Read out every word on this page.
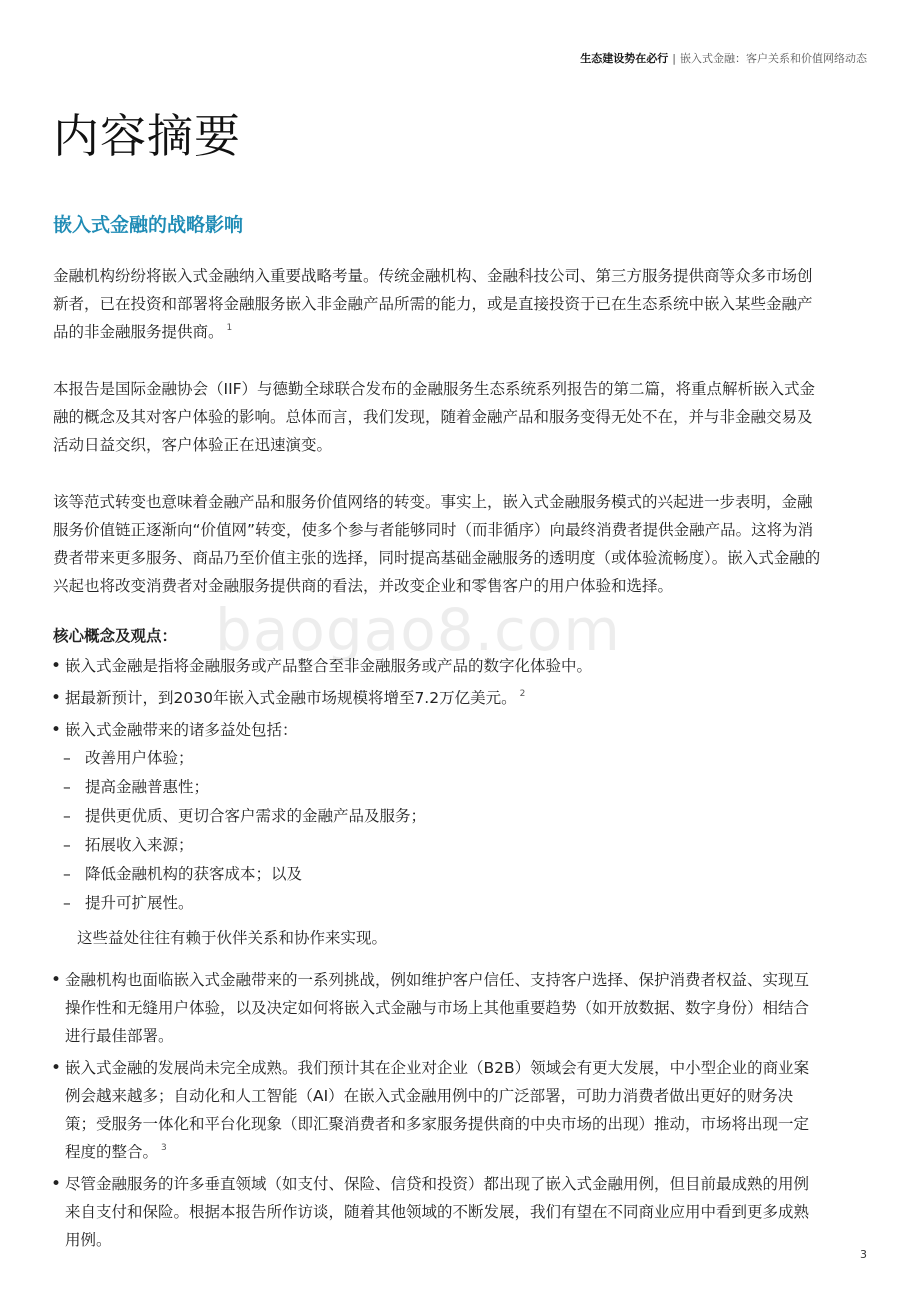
生态建设势在必行 | 嵌入式金融：客户关系和价值网络动态
内容摘要
嵌入式金融的战略影响

金融机构纷纷将嵌入式金融纳入重要战略考量。传统金融机构、金融科技公司、第三方服务提供商等众多市场创新者，已在投资和部署将金融服务嵌入非金融产品所需的能力，或是直接投资于已在生态系统中嵌入某些金融产品的非金融服务提供商。 $^1$

本报告是国际金融协会（IIF）与德勤全球联合发布的金融服务生态系统系列报告的第二篇，将重点解析嵌入式金融的概念及其对客户体验的影响。总体而言，我们发现，随着金融产品和服务变得无处不在，并与非金融交易及活动日益交织，客户体验正在迅速演变。

该等范式转变也意味着金融产品和服务价值网络的转变。事实上，嵌入式金融服务模式的兴起进一步表明，金融服务价值链正逐渐向“价值网”转变，使多个参与者能够同时（而非循序）向最终消费者提供金融产品。这将为消费者带来更多服务、商品乃至价值主张的选择，同时提高基础金融服务的透明度（或体验流畅度）。嵌入式金融的兴起也将改变消费者对金融服务提供商的看法，并改变企业和零售客户的用户体验和选择。

核心概念及观点：
• 嵌入式金融是指将金融服务或产品整合至非金融服务或产品的数字化体验中。
• 据最新预计，到2030年嵌入式金融市场规模将增至7.2万亿美元。 $^2$
• 嵌入式金融带来的诸多益处包括：
– 改善用户体验；
– 提高金融普惠性；
– 提供更优质、更切合客户需求的金融产品及服务；
– 拓展收入来源；
– 降低金融机构的获客成本；以及
– 提升可扩展性。
这些益处往往有赖于伙伴关系和协作来实现。
• 金融机构也面临嵌入式金融带来的一系列挑战，例如维护客户信任、支持客户选择、保护消费者权益、实现互操作性和无缝用户体验，以及决定如何将嵌入式金融与市场上其他重要趋势（如开放数据、数字身份）相结合进行最佳部署。
• 嵌入式金融的发展尚未完全成熟。我们预计其在企业对企业（B2B）领域会有更大发展，中小型企业的商业案例会越来越多；自动化和人工智能（AI）在嵌入式金融用例中的广泛部署，可助力消费者做出更好的财务决策；受服务一体化和平台化现象（即汇聚消费者和多家服务提供商的中央市场的出现）推动，市场将出现一定程度的整合。 $^3$
• 尽管金融服务的许多垂直领域（如支付、保险、信贷和投资）都出现了嵌入式金融用例，但目前最成熟的用例来自支付和保险。根据本报告所作访谈，随着其他领域的不断发展，我们有望在不同商业应用中看到更多成熟用例。
baogao8.com
3
